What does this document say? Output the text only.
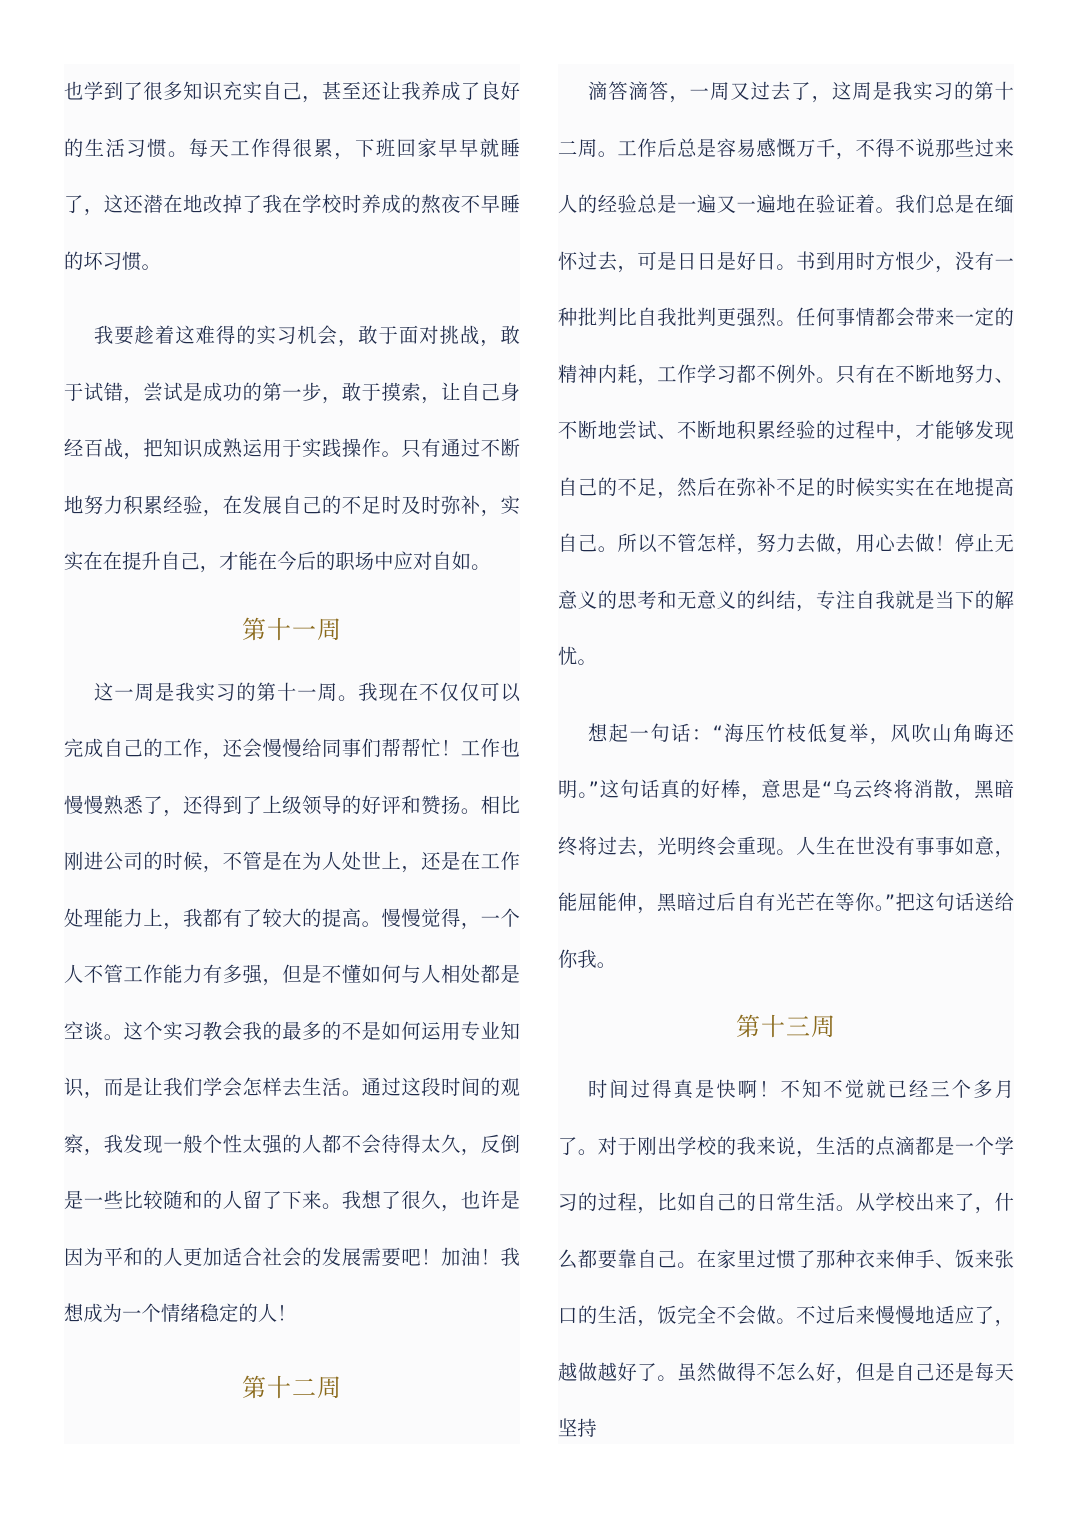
也学到了很多知识充实自己，甚至还让我养成了良好的生活习惯。每天工作得很累，下班回家早早就睡了，这还潜在地改掉了我在学校时养成的熬夜不早睡的坏习惯。

我要趁着这难得的实习机会，敢于面对挑战，敢于试错，尝试是成功的第一步，敢于摸索，让自己身经百战，把知识成熟运用于实践操作。只有通过不断地努力积累经验，在发展自己的不足时及时弥补，实实在在提升自己，才能在今后的职场中应对自如。

第十一周

这一周是我实习的第十一周。我现在不仅仅可以完成自己的工作，还会慢慢给同事们帮帮忙！工作也慢慢熟悉了，还得到了上级领导的好评和赞扬。相比刚进公司的时候，不管是在为人处世上，还是在工作处理能力上，我都有了较大的提高。慢慢觉得，一个人不管工作能力有多强，但是不懂如何与人相处都是空谈。这个实习教会我的最多的不是如何运用专业知识，而是让我们学会怎样去生活。通过这段时间的观察，我发现一般个性太强的人都不会待得太久，反倒是一些比较随和的人留了下来。我想了很久，也许是因为平和的人更加适合社会的发展需要吧！加油！我想成为一个情绪稳定的人！

第十二周

滴答滴答，一周又过去了，这周是我实习的第十二周。工作后总是容易感慨万千，不得不说那些过来人的经验总是一遍又一遍地在验证着。我们总是在缅怀过去，可是日日是好日。书到用时方恨少，没有一种批判比自我批判更强烈。任何事情都会带来一定的精神内耗，工作学习都不例外。只有在不断地努力、不断地尝试、不断地积累经验的过程中，才能够发现自己的不足，然后在弥补不足的时候实实在在地提高自己。所以不管怎样，努力去做，用心去做！停止无意义的思考和无意义的纠结，专注自我就是当下的解忧。

想起一句话：“海压竹枝低复举，风吹山角晦还明。”这句话真的好棒，意思是“乌云终将消散，黑暗终将过去，光明终会重现。人生在世没有事事如意，能屈能伸，黑暗过后自有光芒在等你。”把这句话送给你我。

第十三周

时间过得真是快啊！不知不觉就已经三个多月了。对于刚出学校的我来说，生活的点滴都是一个学习的过程，比如自己的日常生活。从学校出来了，什么都要靠自己。在家里过惯了那种衣来伸手、饭来张口的生活，饭完全不会做。不过后来慢慢地适应了，越做越好了。虽然做得不怎么好，但是自己还是每天坚持
